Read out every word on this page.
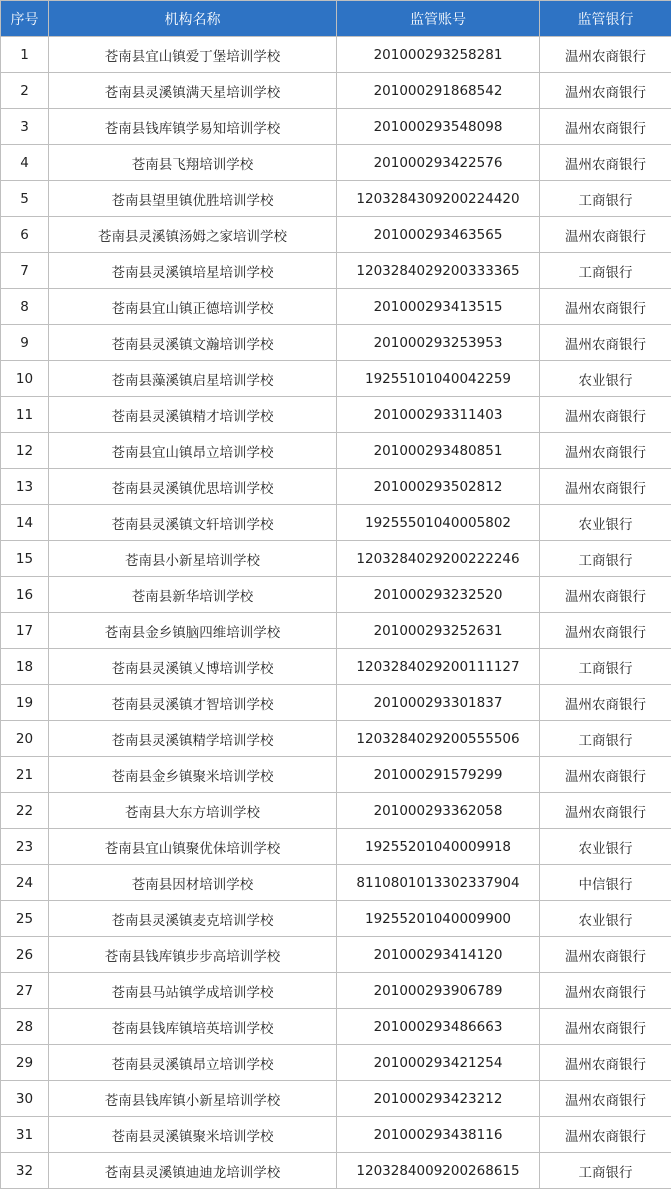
序号	机构名称	监管账号	监管银行
1	苍南县宜山镇爱丁堡培训学校	201000293258281	温州农商银行
2	苍南县灵溪镇满天星培训学校	201000291868542	温州农商银行
3	苍南县钱库镇学易知培训学校	201000293548098	温州农商银行
4	苍南县飞翔培训学校	201000293422576	温州农商银行
5	苍南县望里镇优胜培训学校	1203284309200224420	工商银行
6	苍南县灵溪镇汤姆之家培训学校	201000293463565	温州农商银行
7	苍南县灵溪镇培星培训学校	1203284029200333365	工商银行
8	苍南县宜山镇正德培训学校	201000293413515	温州农商银行
9	苍南县灵溪镇文瀚培训学校	201000293253953	温州农商银行
10	苍南县藻溪镇启星培训学校	19255101040042259	农业银行
11	苍南县灵溪镇精才培训学校	201000293311403	温州农商银行
12	苍南县宜山镇昂立培训学校	201000293480851	温州农商银行
13	苍南县灵溪镇优思培训学校	201000293502812	温州农商银行
14	苍南县灵溪镇文轩培训学校	19255501040005802	农业银行
15	苍南县小新星培训学校	1203284029200222246	工商银行
16	苍南县新华培训学校	201000293232520	温州农商银行
17	苍南县金乡镇脑四维培训学校	201000293252631	温州农商银行
18	苍南县灵溪镇乂博培训学校	1203284029200111127	工商银行
19	苍南县灵溪镇才智培训学校	201000293301837	温州农商银行
20	苍南县灵溪镇精学培训学校	1203284029200555506	工商银行
21	苍南县金乡镇聚米培训学校	201000291579299	温州农商银行
22	苍南县大东方培训学校	201000293362058	温州农商银行
23	苍南县宜山镇聚优佅培训学校	19255201040009918	农业银行
24	苍南县因材培训学校	8110801013302337904	中信银行
25	苍南县灵溪镇麦克培训学校	19255201040009900	农业银行
26	苍南县钱库镇步步高培训学校	201000293414120	温州农商银行
27	苍南县马站镇学成培训学校	201000293906789	温州农商银行
28	苍南县钱库镇培英培训学校	201000293486663	温州农商银行
29	苍南县灵溪镇昂立培训学校	201000293421254	温州农商银行
30	苍南县钱库镇小新星培训学校	201000293423212	温州农商银行
31	苍南县灵溪镇聚米培训学校	201000293438116	温州农商银行
32	苍南县灵溪镇迪迪龙培训学校	1203284009200268615	工商银行
